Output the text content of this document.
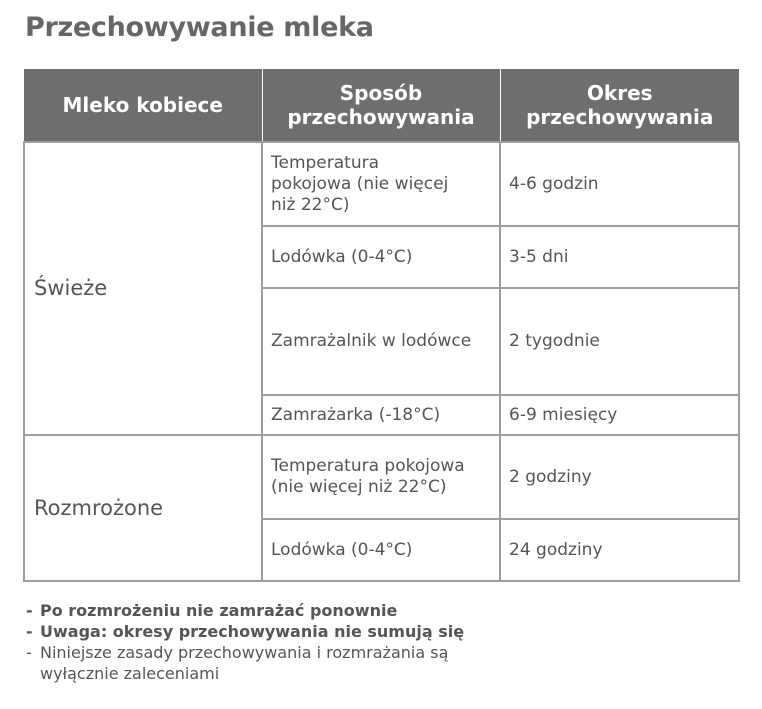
Przechowywanie mleka
Mleko kobiece	Sposób przechowywania	Okres przechowywania
Świeże	Temperatura pokojowa (nie więcej niż 22°C)	4-6 godzin
	Lodówka (0-4°C)	3-5 dni
	Zamrażalnik w lodówce	2 tygodnie
	Zamrażarka (-18°C)	6-9 miesięcy
Rozmrożone	Temperatura pokojowa (nie więcej niż 22°C)	2 godziny
	Lodówka (0-4°C)	24 godziny
- Po rozmrożeniu nie zamrażać ponownie
- Uwaga: okresy przechowywania nie sumują się
- Niniejsze zasady przechowywania i rozmrażania są wyłącznie zaleceniami
